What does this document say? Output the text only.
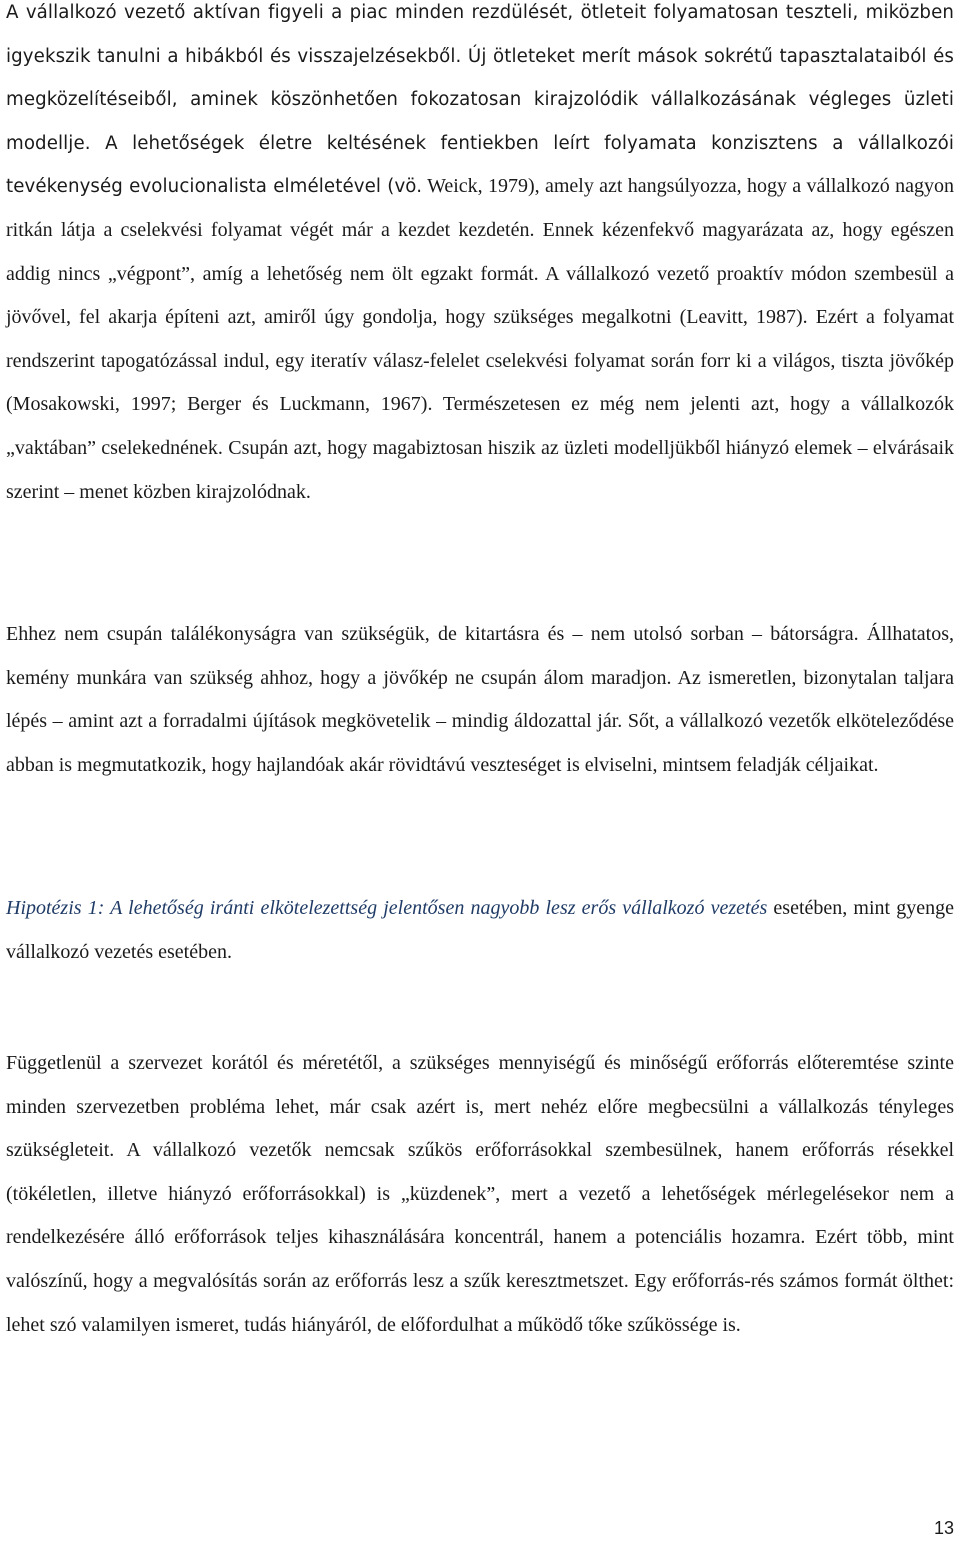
A vállalkozó vezető aktívan figyeli a piac minden rezdülését, ötleteit folyamatosan teszteli, miközben igyekszik tanulni a hibákból és visszajelzésekből. Új ötleteket merít mások sokrétű tapasztalataiból és megközelítéseiből, aminek köszönhetően fokozatosan kirajzolódik vállalkozásának végleges üzleti modellje. A lehetőségek életre keltésének fentiekben leírt folyamata konzisztens a vállalkozói tevékenység evolucionalista elméletével (vö. Weick, 1979), amely azt hangsúlyozza, hogy a vállalkozó nagyon ritkán látja a cselekvési folyamat végét már a kezdet kezdetén. Ennek kézenfekvő magyarázata az, hogy egészen addig nincs „végpont”, amíg a lehetőség nem ölt egzakt formát. A vállalkozó vezető proaktív módon szembesül a jövővel, fel akarja építeni azt, amiről úgy gondolja, hogy szükséges megalkotni (Leavitt, 1987). Ezért a folyamat rendszerint tapogatózással indul, egy iteratív válasz-felelet cselekvési folyamat során forr ki a világos, tiszta jövőkép (Mosakowski, 1997; Berger és Luckmann, 1967). Természetesen ez még nem jelenti azt, hogy a vállalkozók „vaktában” cselekednének. Csupán azt, hogy magabiztosan hiszik az üzleti modelljükből hiányzó elemek – elvárásaik szerint – menet közben kirajzolódnak.

Ehhez nem csupán találékonyságra van szükségük, de kitartásra és – nem utolsó sorban – bátorságra. Állhatatos, kemény munkára van szükség ahhoz, hogy a jövőkép ne csupán álom maradjon. Az ismeretlen, bizonytalan taljara lépés – amint azt a forradalmi újítások megkövetelik – mindig áldozattal jár. Sőt, a vállalkozó vezetők elköteleződése abban is megmutatkozik, hogy hajlandóak akár rövidtávú veszteséget is elviselni, mintsem feladják céljaikat.

Hipotézis 1: A lehetőség iránti elkötelezettség jelentősen nagyobb lesz erős vállalkozó vezetés esetében, mint gyenge vállalkozó vezetés esetében.

Függetlenül a szervezet korától és méretétől, a szükséges mennyiségű és minőségű erőforrás előteremtése szinte minden szervezetben probléma lehet, már csak azért is, mert nehéz előre megbecsülni a vállalkozás tényleges szükségleteit. A vállalkozó vezetők nemcsak szűkös erőforrásokkal szembesülnek, hanem erőforrás résekkel (tökéletlen, illetve hiányzó erőforrásokkal) is „küzdenek”, mert a vezető a lehetőségek mérlegelésekor nem a rendelkezésére álló erőforrások teljes kihasználására koncentrál, hanem a potenciális hozamra. Ezért több, mint valószínű, hogy a megvalósítás során az erőforrás lesz a szűk keresztmetszet. Egy erőforrás-rés számos formát ölthet: lehet szó valamilyen ismeret, tudás hiányáról, de előfordulhat a működő tőke szűkössége is.

13
